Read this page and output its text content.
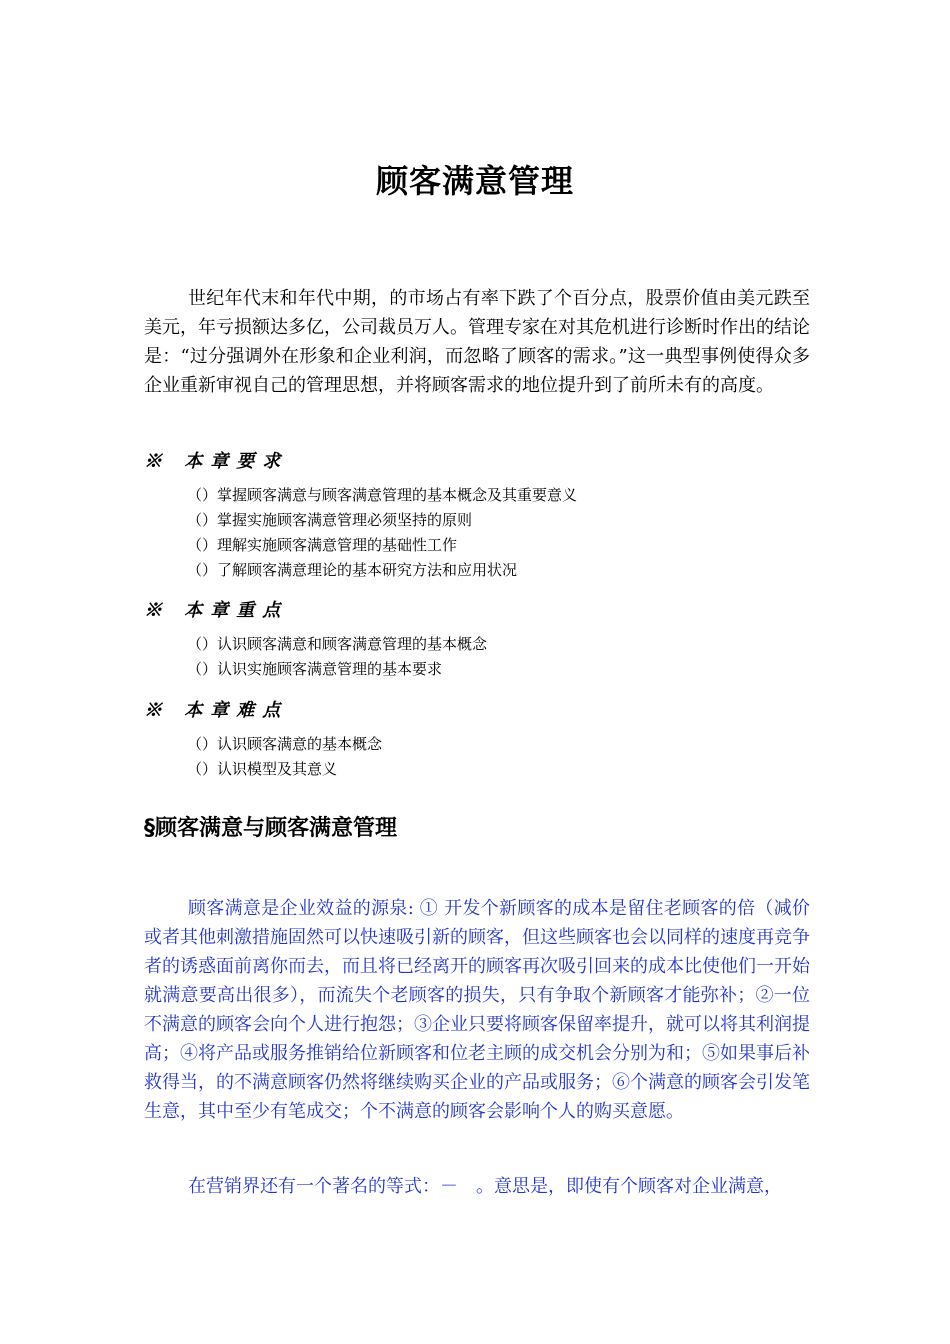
顾客满意管理
世纪年代末和年代中期，的市场占有率下跌了个百分点，股票价值由美元跌至美元，年亏损额达多亿，公司裁员万人。管理专家在对其危机进行诊断时作出的结论是：“过分强调外在形象和企业利润，而忽略了顾客的需求。”这一典型事例使得众多企业重新审视自己的管理思想，并将顾客需求的地位提升到了前所未有的高度。
※ 本章要求
（）掌握顾客满意与顾客满意管理的基本概念及其重要意义
（）掌握实施顾客满意管理必须坚持的原则
（）理解实施顾客满意管理的基础性工作
（）了解顾客满意理论的基本研究方法和应用状况
※ 本章重点
（）认识顾客满意和顾客满意管理的基本概念
（）认识实施顾客满意管理的基本要求
※ 本章难点
（）认识顾客满意的基本概念
（）认识模型及其意义
§顾客满意与顾客满意管理
顾客满意是企业效益的源泉: ① 开发个新顾客的成本是留住老顾客的倍（减价或者其他刺激措施固然可以快速吸引新的顾客，但这些顾客也会以同样的速度再竞争者的诱惑面前离你而去，而且将已经离开的顾客再次吸引回来的成本比使他们一开始就满意要高出很多），而流失个老顾客的损失，只有争取个新顾客才能弥补；②一位不满意的顾客会向个人进行抱怨；③企业只要将顾客保留率提升，就可以将其利润提高；④将产品或服务推销给位新顾客和位老主顾的成交机会分别为和；⑤如果事后补救得当，的不满意顾客仍然将继续购买企业的产品或服务；⑥个满意的顾客会引发笔生意，其中至少有笔成交；个不满意的顾客会影响个人的购买意愿。
在营销界还有一个著名的等式：－　。意思是，即使有个顾客对企业满意，
